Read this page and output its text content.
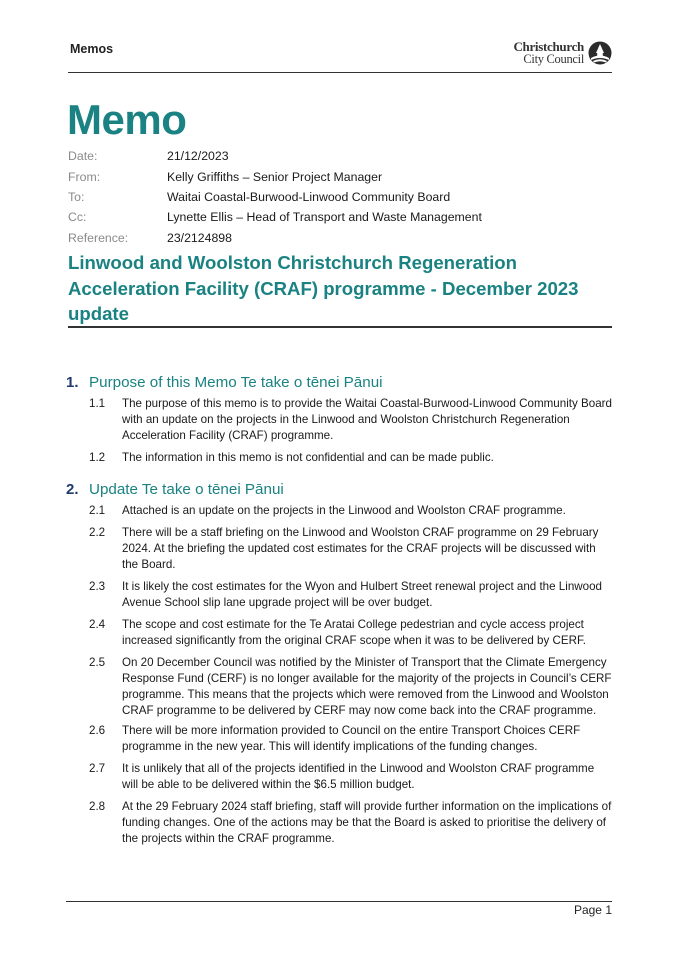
Memos	Christchurch
City Council
Memo
Date:	21/12/2023
From:	Kelly Griffiths – Senior Project Manager
To:	Waitai Coastal-Burwood-Linwood Community Board
Cc:	Lynette Ellis – Head of Transport and Waste Management
Reference:	23/2124898
Linwood and Woolston Christchurch Regeneration Acceleration Facility (CRAF) programme - December 2023 update
1. Purpose of this Memo Te take o tēnei Pānui
1.1	The purpose of this memo is to provide the Waitai Coastal-Burwood-Linwood Community Board with an update on the projects in the Linwood and Woolston Christchurch Regeneration Acceleration Facility (CRAF) programme.
1.2	The information in this memo is not confidential and can be made public.
2. Update Te take o tēnei Pānui
2.1	Attached is an update on the projects in the Linwood and Woolston CRAF programme.
2.2	There will be a staff briefing on the Linwood and Woolston CRAF programme on 29 February 2024. At the briefing the updated cost estimates for the CRAF projects will be discussed with the Board.
2.3	It is likely the cost estimates for the Wyon and Hulbert Street renewal project and the Linwood Avenue School slip lane upgrade project will be over budget.
2.4	The scope and cost estimate for the Te Aratai College pedestrian and cycle access project increased significantly from the original CRAF scope when it was to be delivered by CERF.
2.5	On 20 December Council was notified by the Minister of Transport that the Climate Emergency Response Fund (CERF) is no longer available for the majority of the projects in Council’s CERF programme. This means that the projects which were removed from the Linwood and Woolston CRAF programme to be delivered by CERF may now come back into the CRAF programme.
2.6	There will be more information provided to Council on the entire Transport Choices CERF programme in the new year. This will identify implications of the funding changes.
2.7	It is unlikely that all of the projects identified in the Linwood and Woolston CRAF programme will be able to be delivered within the $6.5 million budget.
2.8	At the 29 February 2024 staff briefing, staff will provide further information on the implications of funding changes. One of the actions may be that the Board is asked to prioritise the delivery of the projects within the CRAF programme.
Page 1
